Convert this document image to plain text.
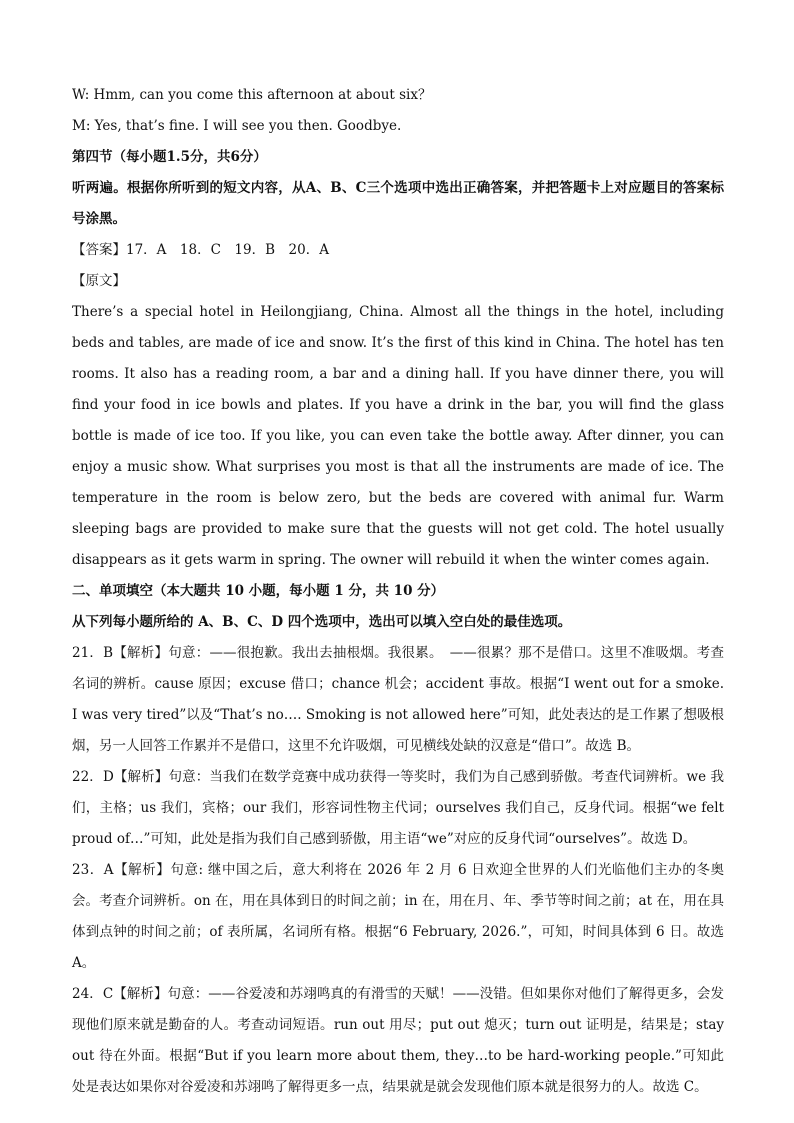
W: Hmm, can you come this afternoon at about six？
M: Yes, that’s fine. I will see you then. Goodbye.
第四节（每小题1.5分，共6分）
听两遍。根据你所听到的短文内容，从A、B、C三个选项中选出正确答案，并把答题卡上对应题目的答案标号涂黑。
【答案】17．A　18．C　19．B　20．A
【原文】
There’s a special hotel in Heilongjiang, China. Almost all the things in the hotel, including beds and tables, are made of ice and snow. It’s the first of this kind in China. The hotel has ten rooms. It also has a reading room, a bar and a dining hall. If you have dinner there, you will find your food in ice bowls and plates. If you have a drink in the bar, you will find the glass bottle is made of ice too. If you like, you can even take the bottle away. After dinner, you can enjoy a music show. What surprises you most is that all the instruments are made of ice. The temperature in the room is below zero, but the beds are covered with animal fur. Warm sleeping bags are provided to make sure that the guests will not get cold. The hotel usually disappears as it gets warm in spring. The owner will rebuild it when the winter comes again.
二、单项填空（本大题共 10 小题，每小题 1 分，共 10 分）
从下列每小题所给的 A、B、C、D 四个选项中，选出可以填入空白处的最佳选项。
21．B【解析】句意：——很抱歉。我出去抽根烟。我很累。　——很累？那不是借口。这里不准吸烟。考查名词的辨析。cause 原因；excuse 借口；chance 机会；accident 事故。根据“I went out for a smoke. I was very tired”以及“That’s no…. Smoking is not allowed here”可知，此处表达的是工作累了想吸根烟，另一人回答工作累并不是借口，这里不允许吸烟，可见横线处缺的汉意是“借口”。故选 B。
22．D【解析】句意：当我们在数学竞赛中成功获得一等奖时，我们为自己感到骄傲。考查代词辨析。we 我们，主格；us 我们，宾格；our 我们，形容词性物主代词；ourselves 我们自己，反身代词。根据“we felt proud of…”可知，此处是指为我们自己感到骄傲，用主语“we”对应的反身代词“ourselves”。故选 D。
23．A【解析】句意: 继中国之后，意大利将在 2026 年 2 月 6 日欢迎全世界的人们光临他们主办的冬奥会。考查介词辨析。on 在，用在具体到日的时间之前；in 在，用在月、年、季节等时间之前；at 在，用在具体到点钟的时间之前；of 表所属，名词所有格。根据“6 February, 2026.”，可知，时间具体到 6 日。故选 A。
24．C【解析】句意：——谷爱凌和苏翊鸣真的有滑雪的天赋！——没错。但如果你对他们了解得更多，会发现他们原来就是勤奋的人。考查动词短语。run out 用尽；put out 熄灭；turn out 证明是，结果是；stay out 待在外面。根据“But if you learn more about them, they…to be hard-working people.”可知此处是表达如果你对谷爱凌和苏翊鸣了解得更多一点，结果就是就会发现他们原本就是很努力的人。故选 C。
